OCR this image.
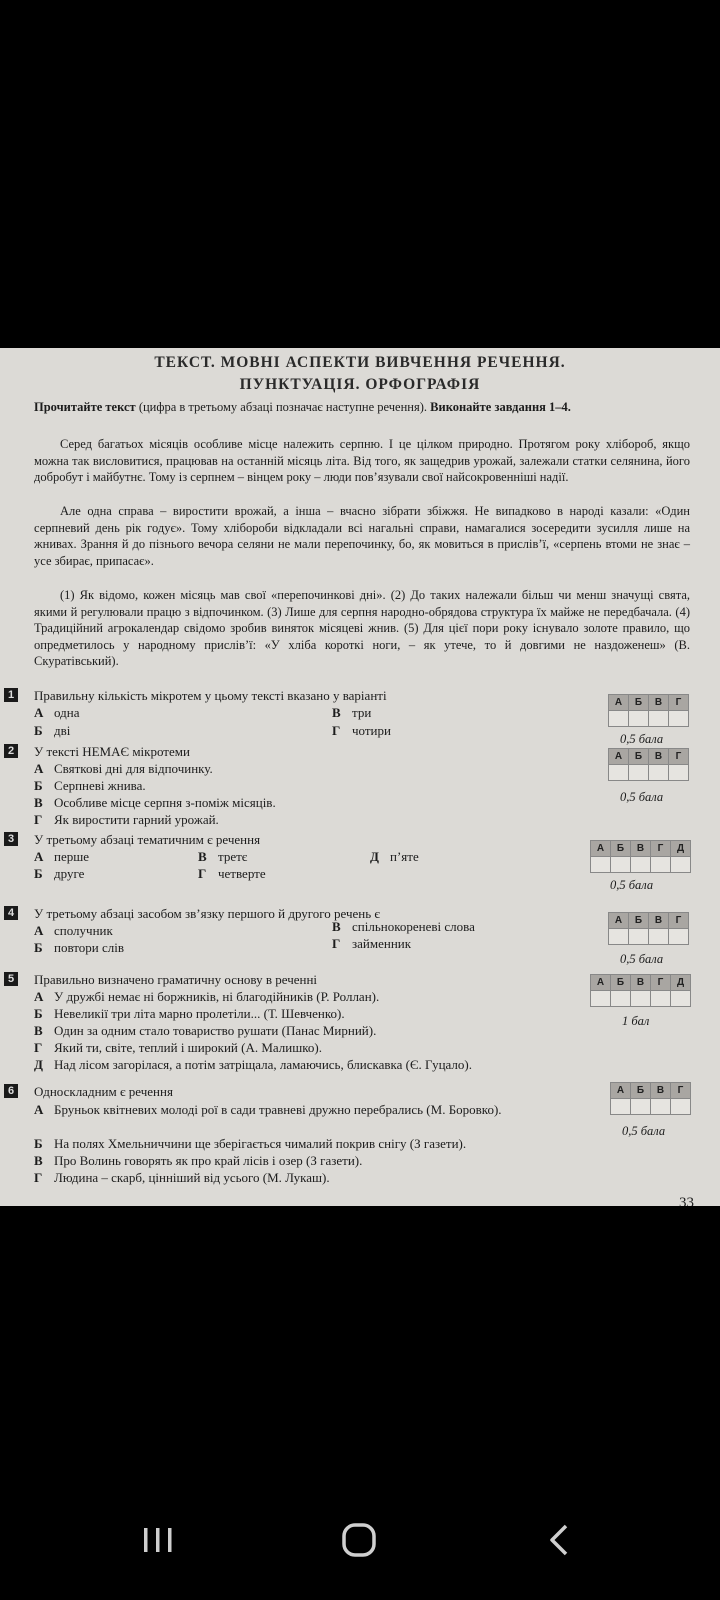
ТЕКСТ. МОВНІ АСПЕКТИ ВИВЧЕННЯ РЕЧЕННЯ.
ПУНКТУАЦІЯ. ОРФОГРАФІЯ
Прочитайте текст (цифра в третьому абзаці позначає наступне речення). Виконайте завдання 1–4.
Серед багатьох місяців особливе місце належить серпню. І це цілком природно. Протягом року хлібороб, якщо можна так висловитися, працював на останній місяць літа. Від того, як защедрив урожай, залежали статки селянина, його добробут і майбутнє. Тому із серпнем – вінцем року – люди пов’язували свої найсокровенніші надії.
Але одна справа – виростити врожай, а інша – вчасно зібрати збіжжя. Не випадково в народі казали: «Один серпневий день рік годує». Тому хлібороби відкладали всі нагальні справи, намагалися зосередити зусилля лише на жнивах. Зрання й до пізнього вечора селяни не мали перепочинку, бо, як мовиться в прислів’ї, «серпень втоми не знає – усе збирає, припасає».
(1) Як відомо, кожен місяць мав свої «перепочинкові дні». (2) До таких належали більш чи менш значущі свята, якими й регулювали працю з відпочинком. (3) Лише для серпня народно-обрядова структура їх майже не передбачала. (4) Традиційний агрокалендар свідомо зробив виняток місяцеві жнив. (5) Для цієї пори року існувало золоте правило, що опредметилось у народному прислів’ї: «У хліба короткі ноги, – як утече, то й довгими не наздоженеш» (В. Скуратівський).
1	Правильну кількість мікротем у цьому тексті вказано у варіанті
А одна
Б дві
В три
Г чотири
А	Б	В	Г

0,5 бала
2	У тексті НЕМАЄ мікротеми
А Святкові дні для відпочинку.
Б Серпневі жнива.
В Особливе місце серпня з-поміж місяців.
Г Як виростити гарний урожай.
А	Б	В	Г

0,5 бала
3	У третьому абзаці тематичним є речення
А перше
Б друге
В третє
Г четверте
Д п’яте
А	Б	В	Г	Д

0,5 бала
4	У третьому абзаці засобом зв’язку першого й другого речень є
А сполучник
Б повтори слів
В спільнокореневі слова
Г займенник
А	Б	В	Г

0,5 бала
5	Правильно визначено граматичну основу в реченні
А У дружбі немає ні боржників, ні благодійників (Р. Роллан).
Б Невеликії три літа марно пролетіли... (Т. Шевченко).
В Один за одним стало товариство рушати (Панас Мирний).
Г Який ти, світе, теплий і широкий (А. Малишко).
Д Над лісом загорілася, а потім затріщала, ламаючись, блискавка (Є. Гуцало).
А	Б	В	Г	Д

1 бал
6	Односкладним є речення
А Бруньок квітневих молоді рої в сади травневі дружно перебрались (М. Боровко).
Б На полях Хмельниччини ще зберігається чималий покрив снігу (З газети).
В Про Волинь говорять як про край лісів і озер (З газети).
Г Людина – скарб, цінніший від усього (М. Лукаш).
А	Б	В	Г

0,5 бала
33
